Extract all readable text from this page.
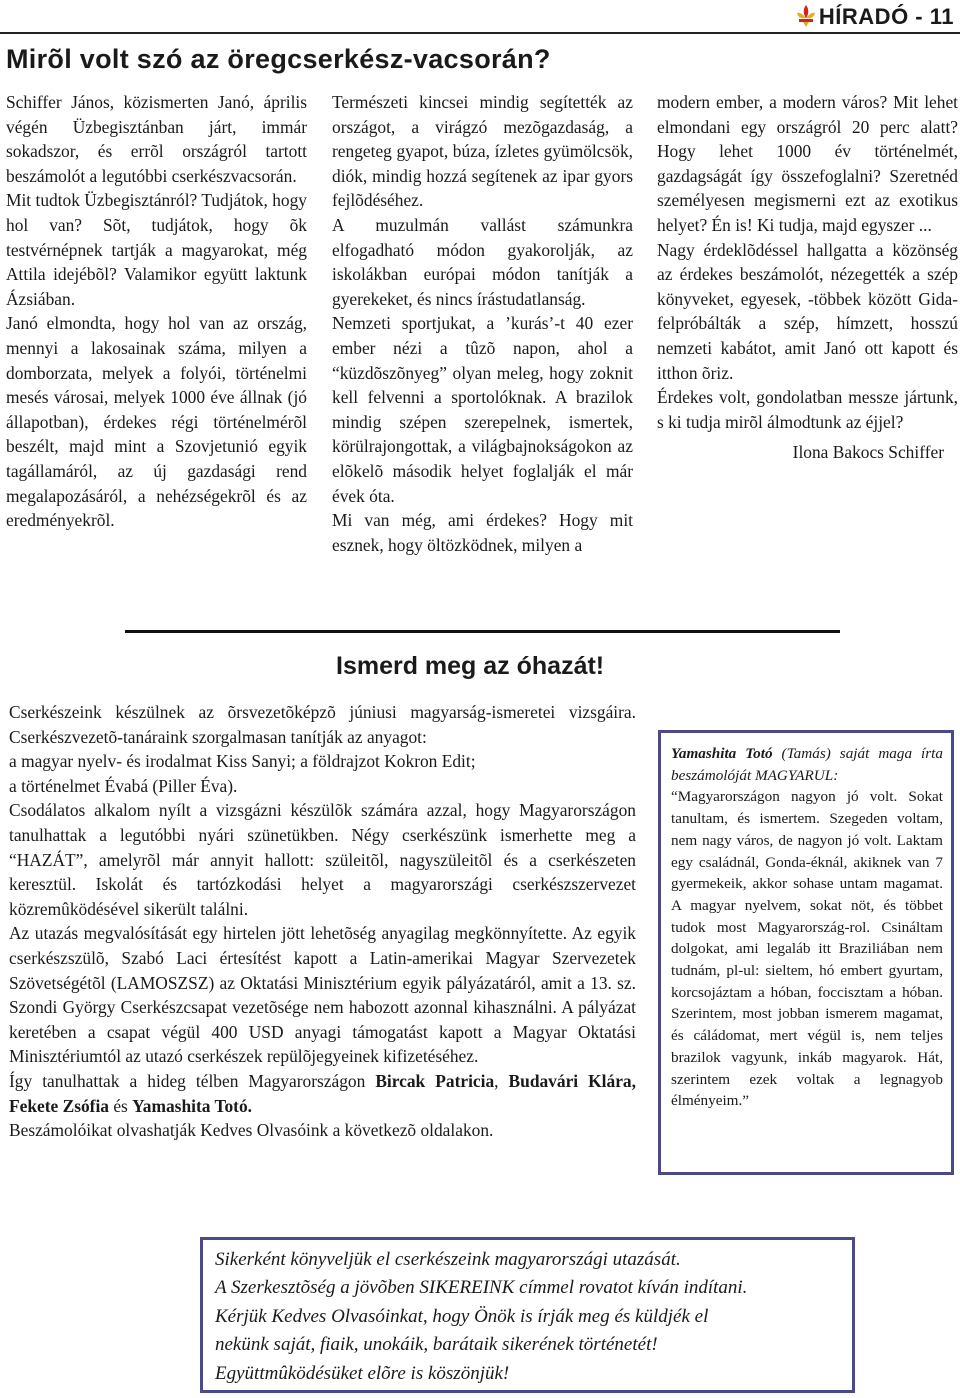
HÍRADÓ - 11
Mirõl volt szó az öregcserkész-vacsorán?

Schiffer János, közismerten Janó, április végén Üzbegisztánban járt, immár sokadszor, és errõl országról tartott beszámolót a legutóbbi cserkészvacsorán.

Mit tudtok Üzbegisztánról? Tudjátok, hogy hol van? Sõt, tudjátok, hogy õk testvérnépnek tartják a magyarokat, még Attila idejébõl? Valamikor együtt laktunk Ázsiában.

Janó elmondta, hogy hol van az ország, mennyi a lakosainak száma, milyen a domborzata, melyek a folyói, történelmi mesés városai, melyek 1000 éve állnak (jó állapotban), érdekes régi történelmérõl beszélt, majd mint a Szovjetunió egyik tagállamáról, az új gazdasági rend megalapozásáról, a nehézségekrõl és az eredményekrõl.

Természeti kincsei mindig segítették az országot, a virágzó mezõgazdaság, a rengeteg gyapot, búza, ízletes gyümölcsök, diók, mindig hozzá segítenek az ipar gyors fejlõdéséhez.

A muzulmán vallást számunkra elfogadható módon gyakorolják, az iskolákban európai módon tanítják a gyerekeket, és nincs írástudatlanság.

Nemzeti sportjukat, a ’kurás’-t 40 ezer ember nézi a tûzõ napon, ahol a “küzdõszõnyeg” olyan meleg, hogy zoknit kell felvenni a sportolóknak. A brazilok mindig szépen szerepelnek, ismertek, körülrajongottak, a világbajnokságokon az elõkelõ második helyet foglalják el már évek óta.

Mi van még, ami érdekes? Hogy mit esznek, hogy öltözködnek, milyen a

modern ember, a modern város? Mit lehet elmondani egy országról 20 perc alatt? Hogy lehet 1000 év történelmét, gazdagságát így összefoglalni? Szeretnéd személyesen megismerni ezt az exotikus helyet? Én is! Ki tudja, majd egyszer ...

Nagy érdeklõdéssel hallgatta a közönség az érdekes beszámolót, nézegették a szép könyveket, egyesek, -többek között Gida-felpróbálták a szép, hímzett, hosszú nemzeti kabátot, amit Janó ott kapott és itthon õriz.

Érdekes volt, gondolatban messze jártunk, s ki tudja mirõl álmodtunk az éjjel?

Ilona Bakocs Schiffer

Ismerd meg az óhazát!

Cserkészeink készülnek az õrsvezetõképzõ júniusi magyarság-ismeretei vizsgáira. Cserkészvezetõ-tanáraink szorgalmasan tanítják az anyagot:

a magyar nyelv- és irodalmat Kiss Sanyi; a földrajzot Kokron Edit;

a történelmet Évabá (Piller Éva).

Csodálatos alkalom nyílt a vizsgázni készülõk számára azzal, hogy Magyarországon tanulhattak a legutóbbi nyári szünetükben. Négy cserkészünk ismerhette meg a “HAZÁT”, amelyrõl már annyit hallott: szüleitõl, nagyszüleitõl és a cserkészeten keresztül. Iskolát és tartózkodási helyet a magyarországi cserkészszervezet közremûködésével sikerült találni.

Az utazás megvalósítását egy hirtelen jött lehetõség anyagilag megkönnyítette. Az egyik cserkészszülõ, Szabó Laci értesítést kapott a Latin-amerikai Magyar Szervezetek Szövetségétõl (LAMOSZSZ) az Oktatási Minisztérium egyik pályázatáról, amit a 13. sz. Szondi György Cserkészcsapat vezetõsége nem habozott azonnal kihasználni. A pályázat keretében a csapat végül 400 USD anyagi támogatást kapott a Magyar Oktatási Minisztériumtól az utazó cserkészek repülõjegyeinek kifizetéséhez.

Így tanulhattak a hideg télben Magyarországon Bircak Patricia, Budavári Klára, Fekete Zsófia és Yamashita Totó.

Beszámolóikat olvashatják Kedves Olvasóink a következõ oldalakon.

Yamashita Totó (Tamás) saját maga írta beszámolóját MAGYARUL:

“Magyarországon nagyon jó volt. Sokat tanultam, és ismertem. Szegeden voltam, nem nagy város, de nagyon jó volt. Laktam egy családnál, Gonda-éknál, akiknek van 7 gyermekeik, akkor sohase untam magamat. A magyar nyelvem, sokat nöt, és többet tudok most Magyarország-rol. Csináltam dolgokat, ami legaláb itt Braziliában nem tudnám, pl-ul: sieltem, hó embert gyurtam, korcsojáztam a hóban, foccisztam a hóban. Szerintem, most jobban ismerem magamat, és cáládomat, mert végül is, nem teljes brazilok vagyunk, inkáb magyarok. Hát, szerintem ezek voltak a legnagyob élményeim.”

Sikerként könyveljük el cserkészeink magyarországi utazását.

A Szerkesztõség a jövõben SIKEREINK címmel rovatot kíván indítani.

Kérjük Kedves Olvasóinkat, hogy Önök is írják meg és küldjék el

nekünk saját, fiaik, unokáik, barátaik sikerének történetét!

Együttmûködésüket elõre is köszönjük!
